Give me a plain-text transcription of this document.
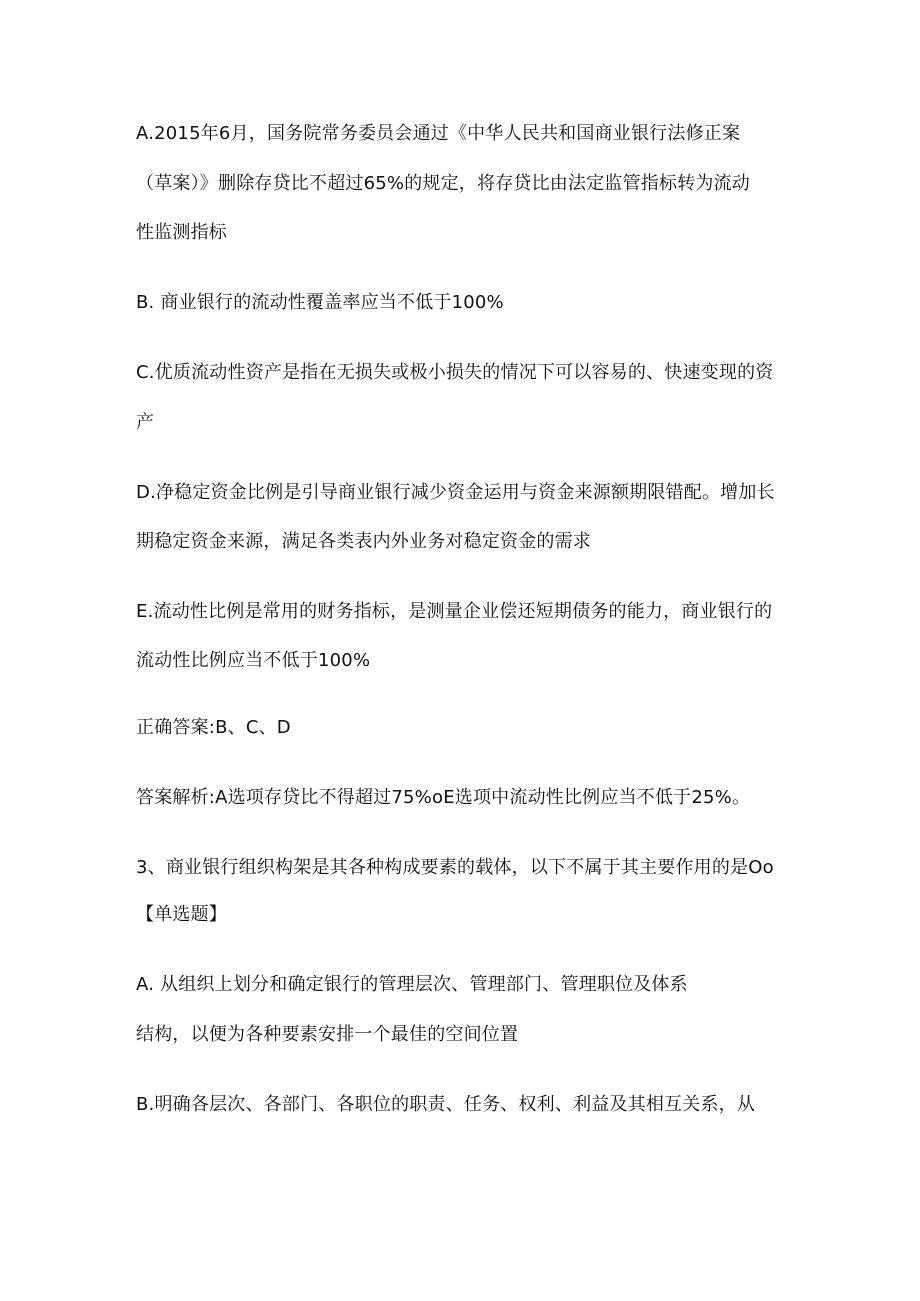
A.2015年6月，国务院常务委员会通过《中华人民共和国商业银行法修正案
（草案）》删除存贷比不超过65%的规定，将存贷比由法定监管指标转为流动
性监测指标
B. 商业银行的流动性覆盖率应当不低于100%
C.优质流动性资产是指在无损失或极小损失的情况下可以容易的、快速变现的资
产
D.净稳定资金比例是引导商业银行减少资金运用与资金来源额期限错配。增加长
期稳定资金来源，满足各类表内外业务对稳定资金的需求
E.流动性比例是常用的财务指标，是测量企业偿还短期债务的能力，商业银行的
流动性比例应当不低于100%
正确答案:B、C、D
答案解析:A选项存贷比不得超过75%oE选项中流动性比例应当不低于25%。
3、商业银行组织构架是其各种构成要素的载体，以下不属于其主要作用的是Oo
【单选题】
A. 从组织上划分和确定银行的管理层次、管理部门、管理职位及体系
结构，以便为各种要素安排一个最佳的空间位置
B.明确各层次、各部门、各职位的职责、任务、权利、利益及其相互关系，从
